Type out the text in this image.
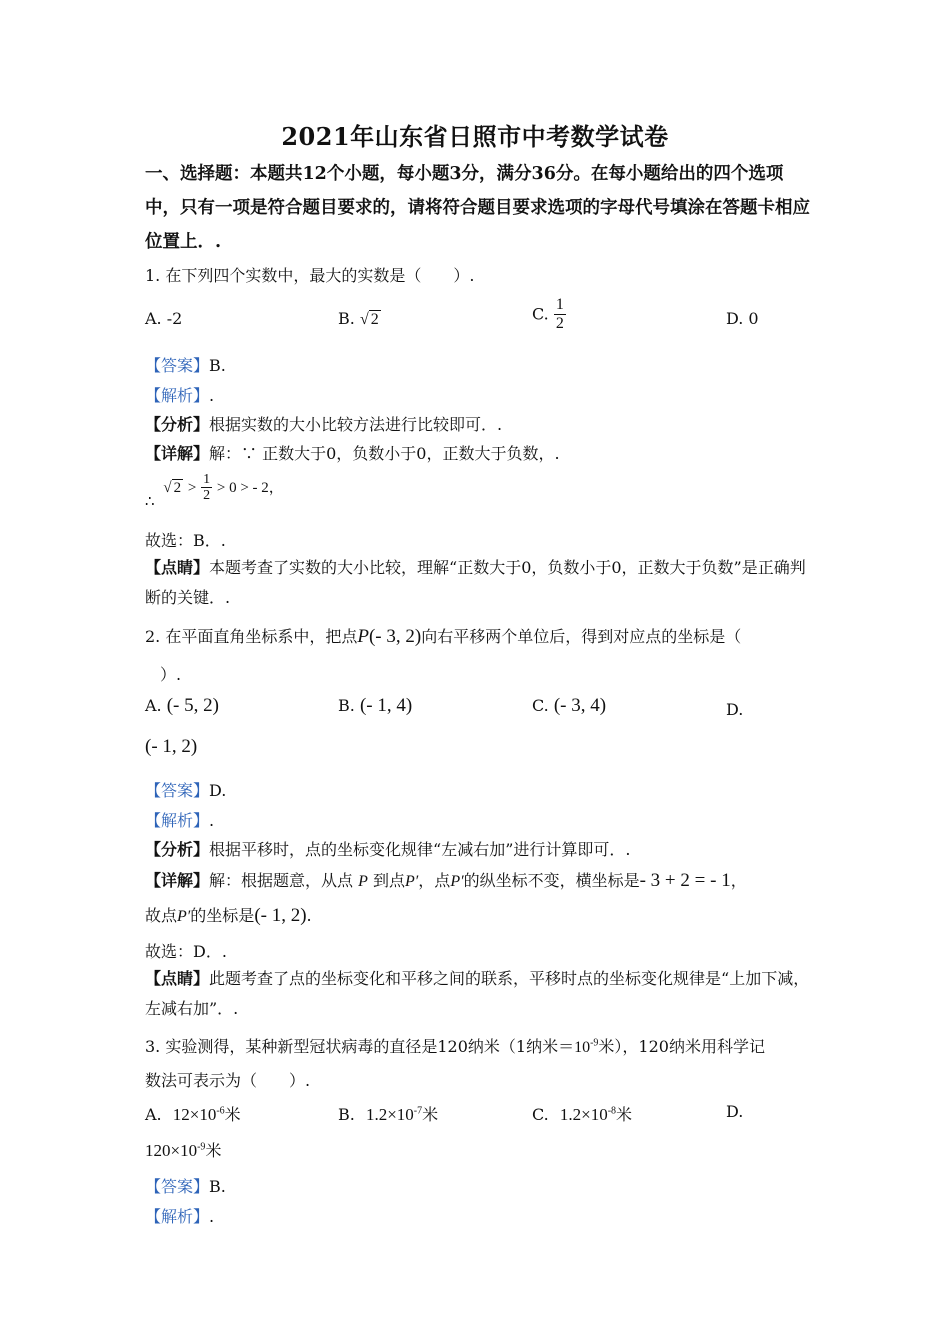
2021年山东省日照市中考数学试卷
一、选择题：本题共12个小题，每小题3分，满分36分。在每小题给出的四个选项中，只有一项是符合题目要求的，请将符合题目要求选项的字母代号填涂在答题卡相应位置上．.
1. 在下列四个实数中，最大的实数是（　　）.
A. -2	B. √ 2	C. $\frac{1}{2}$	D. 0
【答案】B.
【解析】.
【分析】根据实数的大小比较方法进行比较即可．.
【详解】解：∵ 正数大于0，负数小于0，正数大于负数，.
∴ √ $2 > \frac{1}{2} > 0$ > - 2，
故选：B．.
【点睛】本题考查了实数的大小比较，理解“正数大于0，负数小于0，正数大于负数”是正确判断的关键．.
2. 在平面直角坐标系中，把点P(- 3, 2)向右平移两个单位后，得到对应点的坐标是（
）.
A. (- 5, 2)	B. (- 1, 4)	C. (- 3, 4)	D.
(- 1, 2)
【答案】D.
【解析】.
【分析】根据平移时，点的坐标变化规律“左减右加”进行计算即可．.
【详解】解：根据题意，从点 P 到点P′，点P′的纵坐标不变，横坐标是- 3 + 2 = - 1，
故点P′的坐标是(- 1, 2).
故选：D．.
【点睛】此题考查了点的坐标变化和平移之间的联系，平移时点的坐标变化规律是“上加下减，左减右加”．.
3. 实验测得，某种新型冠状病毒的直径是120纳米（1纳米$=10^{-9}$米），120纳米用科学记
数法可表示为（　　）.
A. $12\times 10^{-6}$米	B. $1.2\times 10^{-7}$米	C. $1.2\times 10^{-8}$米	D.
$120\times 10^{-9}$米
【答案】B.
【解析】.
